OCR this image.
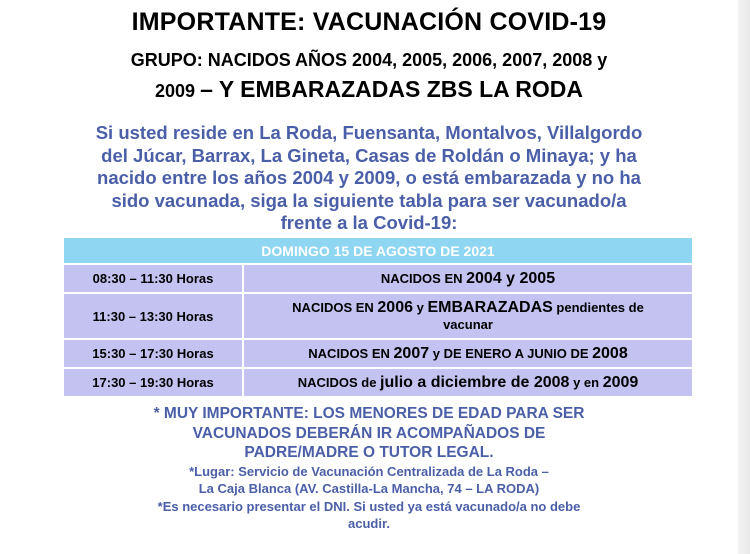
IMPORTANTE: VACUNACIÓN COVID-19
GRUPO: NACIDOS AÑOS 2004, 2005, 2006, 2007, 2008 y
2009 – Y EMBARAZADAS ZBS LA RODA
Si usted reside en La Roda, Fuensanta, Montalvos, Villalgordo
del Júcar, Barrax, La Gineta, Casas de Roldán o Minaya; y ha
nacido entre los años 2004 y 2009, o está embarazada y no ha
sido vacunada, siga la siguiente tabla para ser vacunado/a
frente a la Covid-19:
DOMINGO 15 DE AGOSTO DE 2021	
08:30 – 11:30 Horas	NACIDOS EN 2004 y 2005
11:30 – 13:30 Horas	NACIDOS EN 2006 y EMBARAZADAS pendientes de
vacunar

15:30 – 17:30 Horas	NACIDOS EN 2007 y DE ENERO A JUNIO DE 2008
17:30 – 19:30 Horas	NACIDOS de julio a diciembre de 2008 y en 2009
* MUY IMPORTANTE: LOS MENORES DE EDAD PARA SER
VACUNADOS DEBERÁN IR ACOMPAÑADOS DE
PADRE/MADRE O TUTOR LEGAL.
*Lugar: Servicio de Vacunación Centralizada de La Roda –
La Caja Blanca (AV. Castilla-La Mancha, 74 – LA RODA)
*Es necesario presentar el DNI. Si usted ya está vacunado/a no debe
acudir.
